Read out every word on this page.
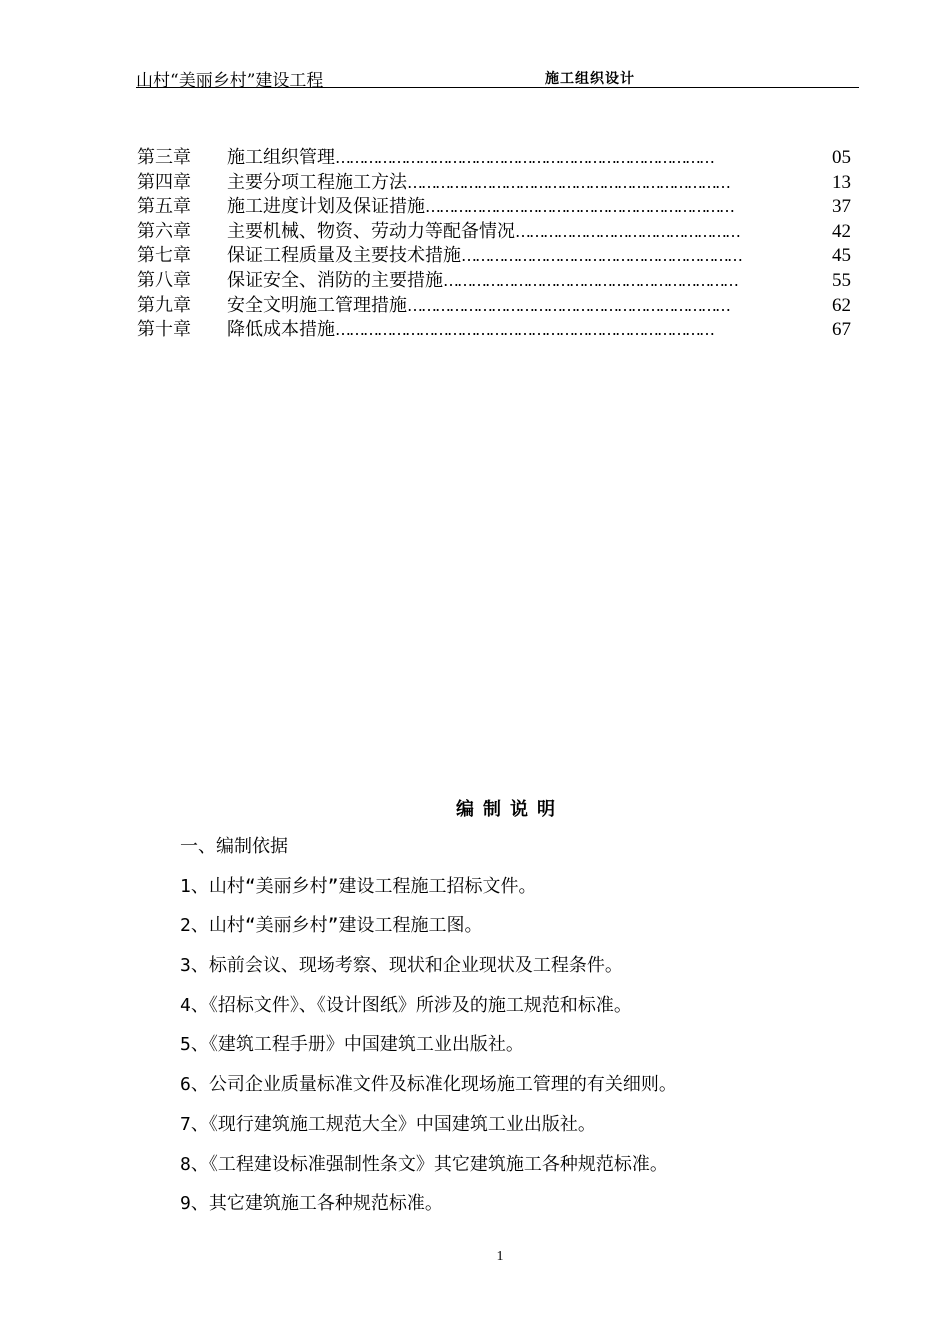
山村“美丽乡村”建设工程	施工组织设计
第三章	施工组织管理 ………………………………………………………………………	05
第四章	主要分项工程施工方法 ……………………………………………………………	13
第五章	施工进度计划及保证措施 …………………………………………………………	37
第六章	主要机械、物资、劳动力等配备情况 …………………………………………	42
第七章	保证工程质量及主要技术措施 ……………………………………………………	45
第八章	保证安全、消防的主要措施 ………………………………………………………	55
第九章	安全文明施工管理措施 ……………………………………………………………	62
第十章	降低成本措施 ………………………………………………………………………	67
编制说明
一、编制依据
1、山村“美丽乡村”建设工程施工招标文件。
2、山村“美丽乡村”建设工程施工图。
3、标前会议、现场考察、现状和企业现状及工程条件。
4、《招标文件》、《设计图纸》所涉及的施工规范和标准。
5、《建筑工程手册》中国建筑工业出版社。
6、公司企业质量标准文件及标准化现场施工管理的有关细则。
7、《现行建筑施工规范大全》中国建筑工业出版社。
8、《工程建设标准强制性条文》其它建筑施工各种规范标准。
9、其它建筑施工各种规范标准。
1
